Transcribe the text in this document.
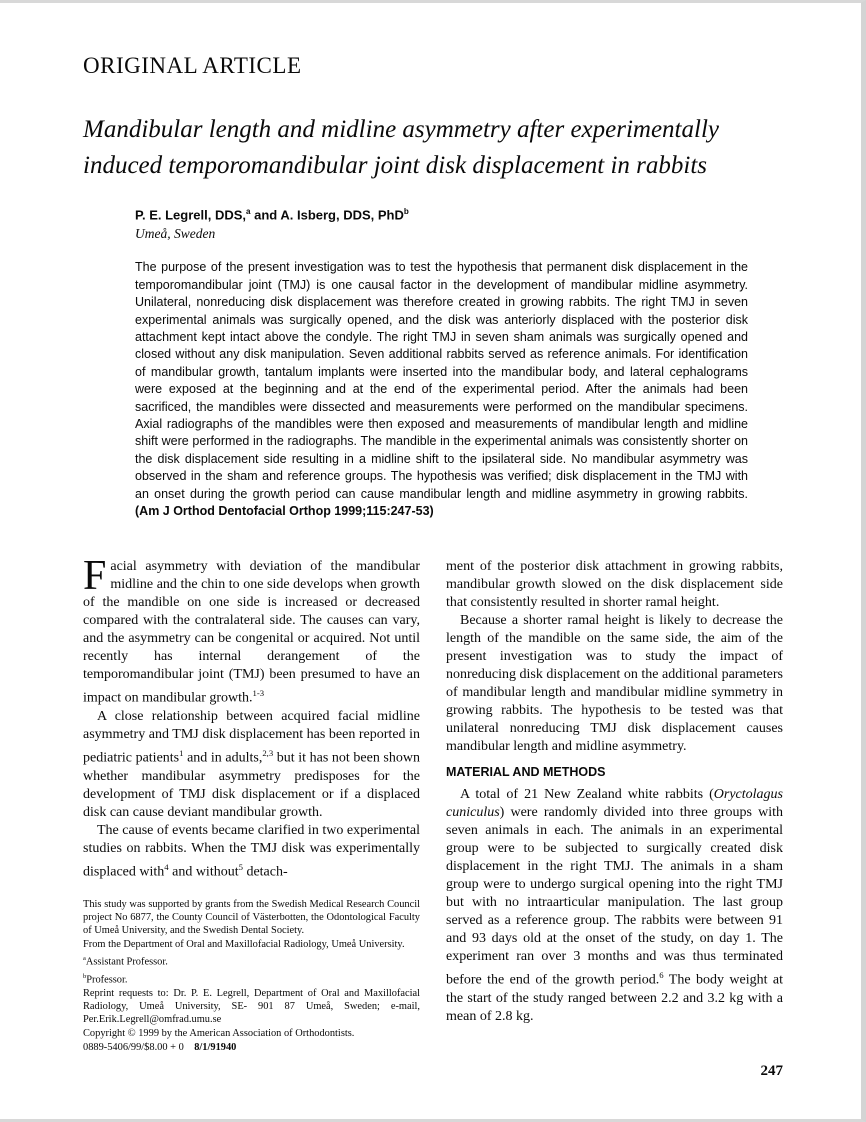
ORIGINAL ARTICLE
Mandibular length and midline asymmetry after experimentally induced temporomandibular joint disk displacement in rabbits
P. E. Legrell, DDS,$^a$ and A. Isberg, DDS, PhD$^b$
Umeå, Sweden

The purpose of the present investigation was to test the hypothesis that permanent disk displacement in the temporomandibular joint (TMJ) is one causal factor in the development of mandibular midline asymmetry. Unilateral, nonreducing disk displacement was therefore created in growing rabbits. The right TMJ in seven experimental animals was surgically opened, and the disk was anteriorly displaced with the posterior disk attachment kept intact above the condyle. The right TMJ in seven sham animals was surgically opened and closed without any disk manipulation. Seven additional rabbits served as reference animals. For identification of mandibular growth, tantalum implants were inserted into the mandibular body, and lateral cephalograms were exposed at the beginning and at the end of the experimental period. After the animals had been sacrificed, the mandibles were dissected and measurements were performed on the mandibular specimens. Axial radiographs of the mandibles were then exposed and measurements of mandibular length and midline shift were performed in the radiographs. The mandible in the experimental animals was consistently shorter on the disk displacement side resulting in a midline shift to the ipsilateral side. No mandibular asymmetry was observed in the sham and reference groups. The hypothesis was verified; disk displacement in the TMJ with an onset during the growth period can cause mandibular length and midline asymmetry in growing rabbits. (Am J Orthod Dentofacial Orthop 1999;115:247-53)

Facial asymmetry with deviation of the mandibular midline and the chin to one side develops when growth of the mandible on one side is increased or decreased compared with the contralateral side. The causes can vary, and the asymmetry can be congenital or acquired. Not until recently has internal derangement of the temporomandibular joint (TMJ) been presumed to have an impact on mandibular growth.$^{1-3}$

A close relationship between acquired facial midline asymmetry and TMJ disk displacement has been reported in pediatric patients$^1$ and in adults,$^{2,3}$ but it has not been shown whether mandibular asymmetry predisposes for the development of TMJ disk displacement or if a displaced disk can cause deviant mandibular growth.

The cause of events became clarified in two experimental studies on rabbits. When the TMJ disk was experimentally displaced with$^4$ and without$^5$ detach-

This study was supported by grants from the Swedish Medical Research Council project No 6877, the County Council of Västerbotten, the Odontological Faculty of Umeå University, and the Swedish Dental Society.

From the Department of Oral and Maxillofacial Radiology, Umeå University.

$^a$Assistant Professor.

$^b$Professor.

Reprint requests to: Dr. P. E. Legrell, Department of Oral and Maxillofacial Radiology, Umeå University, SE- 901 87 Umeå, Sweden; e-mail, Per.Erik.Legrell@omfrad.umu.se

Copyright © 1999 by the American Association of Orthodontists.

0889-5406/99/$8.00 + 0 8/1/91940

ment of the posterior disk attachment in growing rabbits, mandibular growth slowed on the disk displacement side that consistently resulted in shorter ramal height.

Because a shorter ramal height is likely to decrease the length of the mandible on the same side, the aim of the present investigation was to study the impact of nonreducing disk displacement on the additional parameters of mandibular length and mandibular midline symmetry in growing rabbits. The hypothesis to be tested was that unilateral nonreducing TMJ disk displacement causes mandibular length and midline asymmetry.

MATERIAL AND METHODS

A total of 21 New Zealand white rabbits (Oryctolagus cuniculus) were randomly divided into three groups with seven animals in each. The animals in an experimental group were to be subjected to surgically created disk displacement in the right TMJ. The animals in a sham group were to undergo surgical opening into the right TMJ but with no intraarticular manipulation. The last group served as a reference group. The rabbits were between 91 and 93 days old at the onset of the study, on day 1. The experiment ran over 3 months and was thus terminated before the end of the growth period.$^6$ The body weight at the start of the study ranged between 2.2 and 3.2 kg with a mean of 2.8 kg.

247
